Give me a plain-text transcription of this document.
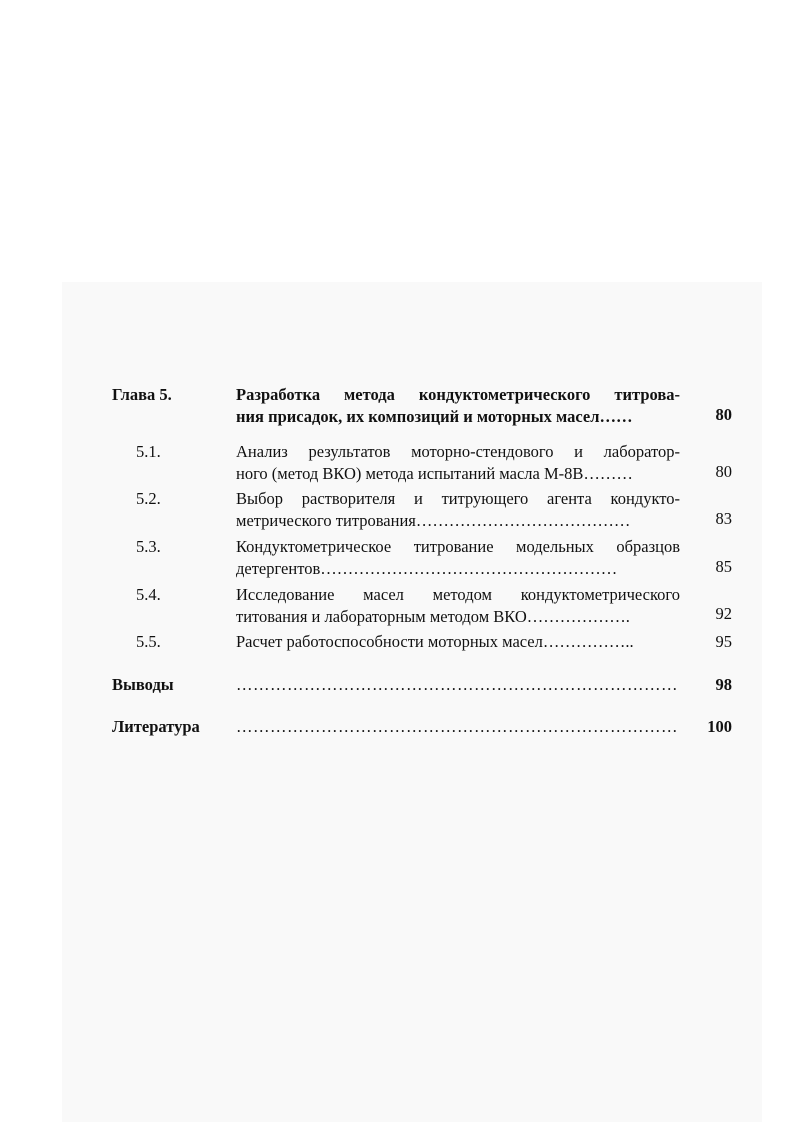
Глава 5.	Разработка метода кондуктометрического титрова-
ния присадок, их композиций и моторных масел……	80
5.1.	Анализ результатов моторно-стендового и лаборатор-
ного (метод ВКО) метода испытаний масла М-8В………	80
5.2.	Выбор растворителя и титрующего агента кондукто-
метрического титрования…………………………………	83
5.3.	Кондуктометрическое титрование модельных образцов
детергентов………………………………………………	85
5.4.	Исследование масел методом кондуктометрического
титования и лабораторным методом ВКО……………….	92
5.5.	Расчет работоспособности моторных масел……………..	95
Выводы	……………………………………………………………………	98
Литература ……………………………………………………………………	100
